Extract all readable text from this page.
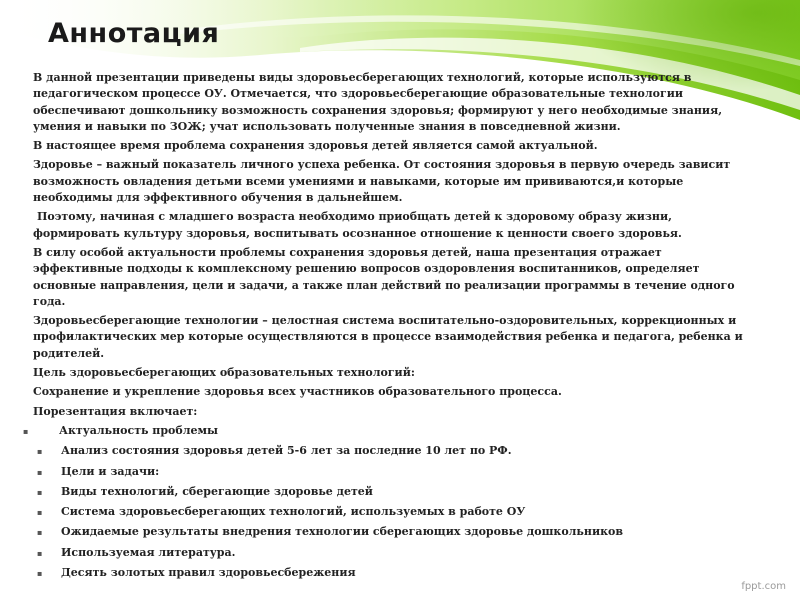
Аннотация

В данной презентации приведены виды здоровьесберегающих технологий, которые используются в педагогическом процессе ОУ. Отмечается, что здоровьесберегающие образовательные технологии обеспечивают дошкольнику возможность сохранения здоровья; формируют у него необходимые знания, умения и навыки по ЗОЖ; учат использовать полученные знания в повседневной жизни.

В настоящее время проблема сохранения здоровья детей является самой актуальной.

Здоровье – важный показатель личного успеха ребенка. От состояния здоровья в первую очередь зависит возможность овладения детьми всеми умениями и навыками, которые им прививаются,и которые необходимы для эффективного обучения в дальнейшем.

Поэтому, начиная с младшего возраста необходимо приобщать детей к здоровому образу жизни, формировать культуру здоровья, воспитывать осознанное отношение к ценности своего здоровья.

В силу особой актуальности проблемы сохранения здоровья детей, наша презентация отражает эффективные подходы к комплексному решению вопросов оздоровления воспитанников, определяет основные направления, цели и задачи, а также план действий по реализации программы в течение одного года.

Здоровьесберегающие технологии – целостная система воспитательно-оздоровительных, коррекционных и профилактических мер которые осуществляются в процессе взаимодействия ребенка и педагога, ребенка и родителей.

Цель здоровьесберегающих образовательных технологий:

Сохранение и укрепление здоровья всех участников образовательного процесса.

Порезентация включает:

▪	Актуальность проблемы
▪ Анализ состояния здоровья детей 5-6 лет за последние 10 лет по РФ.
▪ Цели и задачи:
▪ Виды технологий, сберегающие здоровье детей
▪ Система здоровьесберегающих технологий, используемых в работе ОУ
▪ Ожидаемые результаты внедрения технологии сберегающих здоровье дошкольников
▪ Используемая литература.
▪ Десять золотых правил здоровьесбережения
fppt.com
